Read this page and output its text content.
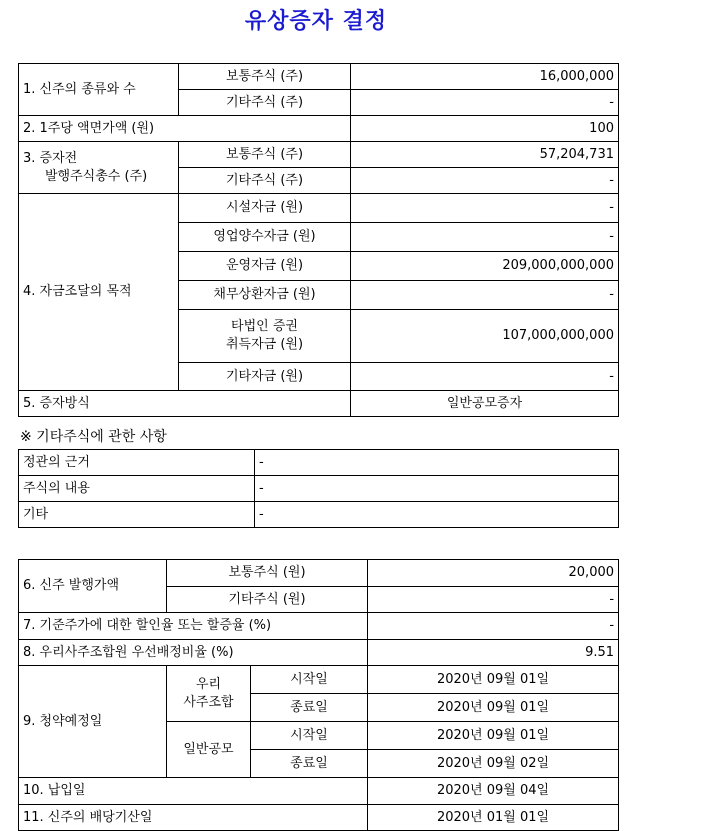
유상증자 결정
1. 신주의 종류와 수	보통주식 (주)	16,000,000
	기타주식 (주)	-
2. 1주당 액면가액 (원)		100

3. 증자전
발행주식총수 (주)	보통주식 (주)	57,204,731
	기타주식 (주)	-
4. 자금조달의 목적	시설자금 (원)	-
	영업양수자금 (원)	-
	운영자금 (원)	209,000,000,000
	채무상환자금 (원)	-

	타법인 증권
취득자금 (원)	107,000,000,000
	기타자금 (원)	-
5. 증자방식		일반공모증자
※ 기타주식에 관한 사항
정관의 근거	-
주식의 내용	-
기타	-
6. 신주 발행가액	보통주식 (원)		20,000
	기타주식 (원)		-
7. 기준주가에 대한 할인율 또는 할증율 (%)			-
8. 우리사주조합원 우선배정비율 (%)			9.51
9. 청약예정일	우리
사주조합	시작일	2020년 09월 01일
		종료일	2020년 09월 01일
	일반공모	시작일	2020년 09월 01일
		종료일	2020년 09월 02일
10. 납입일			2020년 09월 04일
11. 신주의 배당기산일			2020년 01월 01일
